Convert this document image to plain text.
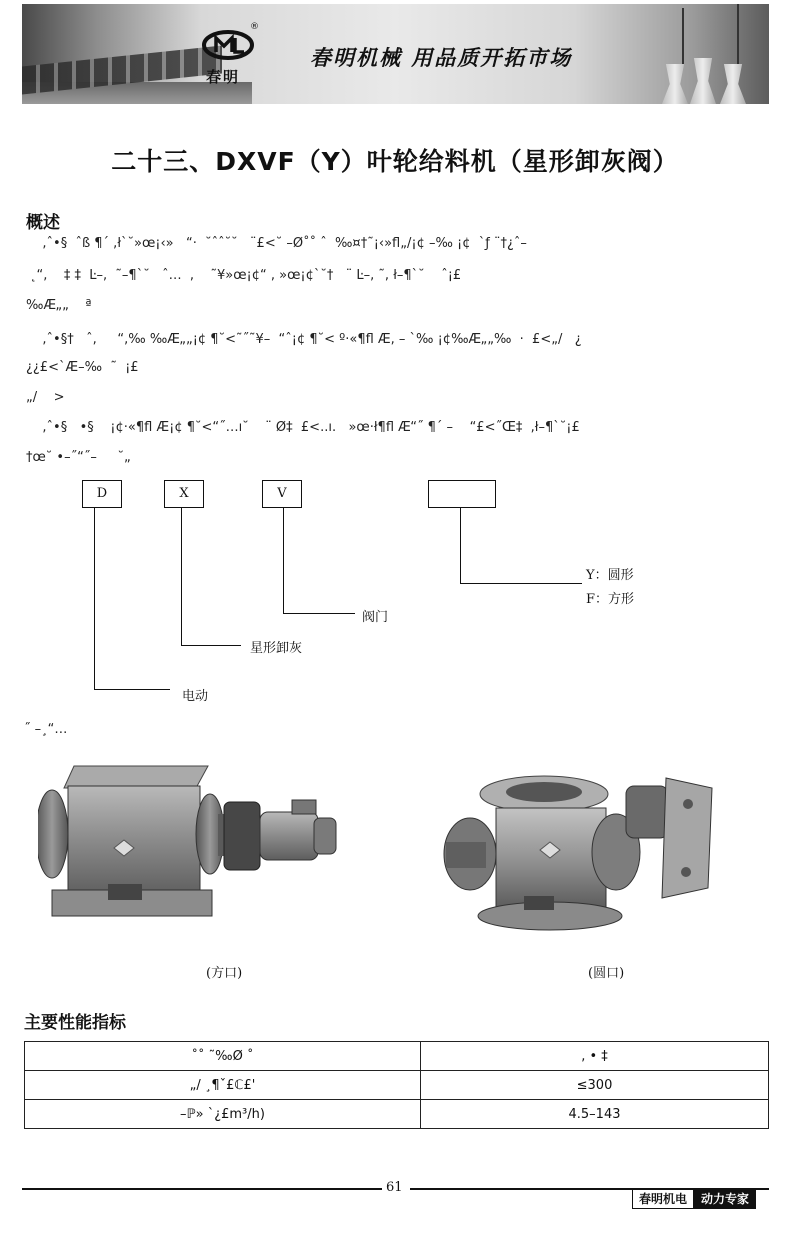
®
春明
春明机械 用品质开拓市场
二十三、DXVF（Y）叶轮给料机（星形卸灰阀）
概述
,ˆ•§  ˆß ¶´ ,ł`˘»œ¡‹»   “·  ˘ˆˆ˘˘   ¨£<˘ –Ø˚˚ ˆ  ‰¤†˜¡‹»ﬂ„/¡¢ –‰ ¡¢  `ƒ ¨†¿ˆ–
˛“,    ‡ ‡  Ŀ–,  ˜–¶`˘   ˆ…  ,    ˜¥»œ¡¢“ , »œ¡¢`˘†   ¨ Ŀ–, ˜, ł–¶`˘    ˆ¡£
‰Æ„„    ª
,ˆ•§†   ˆ,     “,‰ ‰Æ„„¡¢ ¶˘<˜˝˜¥–  “ˆ¡¢ ¶˘< º·«¶ﬂ Æ, – `‰ ¡¢‰Æ„„‰  ·  £<„/   ¿
¿¿£<`Æ–‰  ˜  ¡£
„/    >
,ˆ•§   •§    ¡¢·«¶ﬂ Æ¡¢ ¶˘<“˝…ı˘    ¨ Ø‡  £<..ı.   »œ·ł¶ﬂ Æ“˝ ¶´ –    “£<˝Œ‡  ,ł–¶`˘¡£
†œ˘ •–˝“˝–     ˘„
D	X	V
电动
星形卸灰
阀门
Y：圆形
F：方形
˝ –¸“…
(方口)	(圆口)
主要性能指标
˚˚ ˜‰Ø ˚	, • ‡
„/ ¸¶ˇ£ℂ£'	≤300
–ℙ» `¿£m³/h)	4.5–143
61
春明机电	动力专家
